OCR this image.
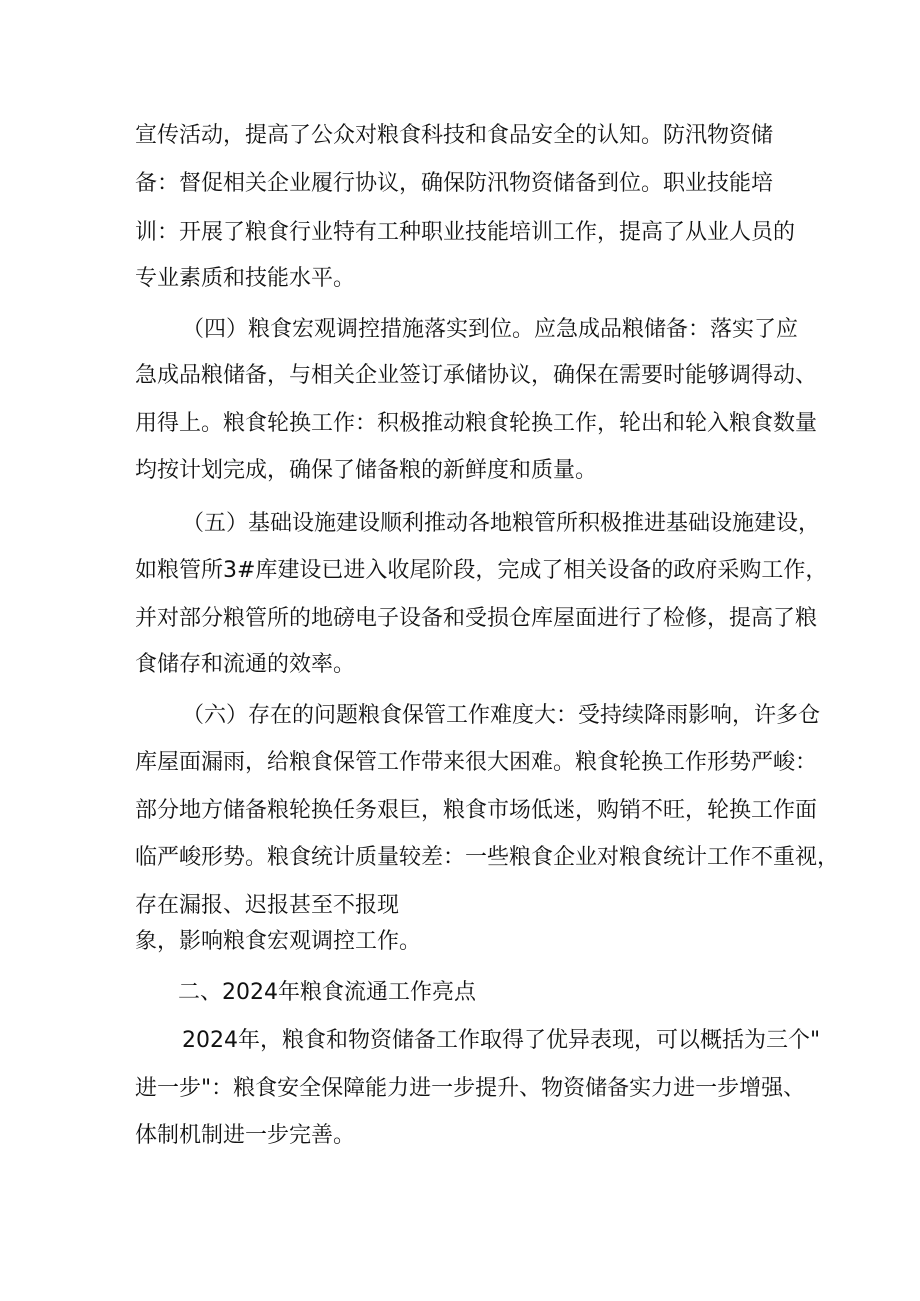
宣传活动，提高了公众对粮食科技和食品安全的认知。防汛物资储
备：督促相关企业履行协议，确保防汛物资储备到位。职业技能培
训：开展了粮食行业特有工种职业技能培训工作，提高了从业人员的
专业素质和技能水平。
（四）粮食宏观调控措施落实到位。应急成品粮储备：落实了应
急成品粮储备，与相关企业签订承储协议，确保在需要时能够调得动、
用得上。粮食轮换工作：积极推动粮食轮换工作，轮出和轮入粮食数量
均按计划完成，确保了储备粮的新鲜度和质量。
（五）基础设施建设顺利推动各地粮管所积极推进基础设施建设，
如粮管所3#库建设已进入收尾阶段，完成了相关设备的政府采购工作，
并对部分粮管所的地磅电子设备和受损仓库屋面进行了检修，提高了粮
食储存和流通的效率。
（六）存在的问题粮食保管工作难度大：受持续降雨影响，许多仓
库屋面漏雨，给粮食保管工作带来很大困难。粮食轮换工作形势严峻：
部分地方储备粮轮换任务艰巨，粮食市场低迷，购销不旺，轮换工作面
临严峻形势。粮食统计质量较差：一些粮食企业对粮食统计工作不重视，
存在漏报、迟报甚至不报现
象，影响粮食宏观调控工作。
二、2024年粮食流通工作亮点
2024年，粮食和物资储备工作取得了优异表现，可以概括为三个"
进一步"：粮食安全保障能力进一步提升、物资储备实力进一步增强、
体制机制进一步完善。
